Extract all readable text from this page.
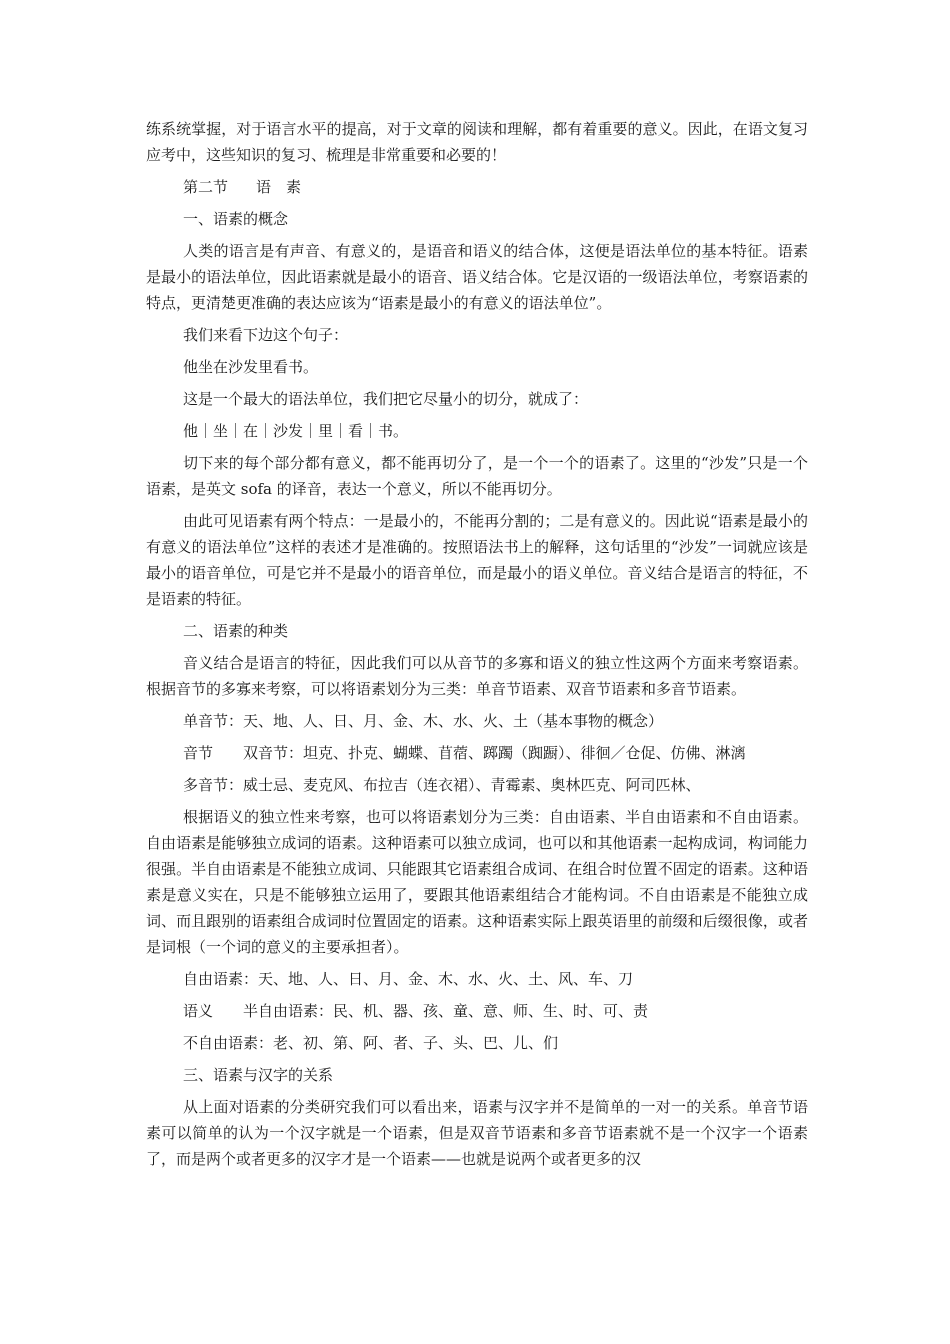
练系统掌握，对于语言水平的提高，对于文章的阅读和理解，都有着重要的意义。因此，在语文复习应考中，这些知识的复习、梳理是非常重要和必要的！

第二节 语　素

一、语素的概念

人类的语言是有声音、有意义的，是语音和语义的结合体，这便是语法单位的基本特征。语素是最小的语法单位，因此语素就是最小的语音、语义结合体。它是汉语的一级语法单位，考察语素的特点，更清楚更准确的表达应该为“语素是最小的有意义的语法单位”。

我们来看下边这个句子：

他坐在沙发里看书。

这是一个最大的语法单位，我们把它尽量小的切分，就成了：

他｜坐｜在｜沙发｜里｜看｜书。

切下来的每个部分都有意义，都不能再切分了，是一个一个的语素了。这里的“沙发”只是一个语素，是英文 sofa 的译音，表达一个意义，所以不能再切分。

由此可见语素有两个特点：一是最小的，不能再分割的；二是有意义的。因此说“语素是最小的有意义的语法单位”这样的表述才是准确的。按照语法书上的解释，这句话里的“沙发”一词就应该是最小的语音单位，可是它并不是最小的语音单位，而是最小的语义单位。音义结合是语言的特征，不是语素的特征。

二、语素的种类

音义结合是语言的特征，因此我们可以从音节的多寡和语义的独立性这两个方面来考察语素。根据音节的多寡来考察，可以将语素划分为三类：单音节语素、双音节语素和多音节语素。

单音节：天、地、人、日、月、金、木、水、火、土（基本事物的概念）

音节 双音节：坦克、扑克、蝴蝶、苜蓿、踯躅（踟蹰）、徘徊／仓促、仿佛、淋漓

多音节：威士忌、麦克风、布拉吉（连衣裙）、青霉素、奥林匹克、阿司匹林、

根据语义的独立性来考察，也可以将语素划分为三类：自由语素、半自由语素和不自由语素。自由语素是能够独立成词的语素。这种语素可以独立成词，也可以和其他语素一起构成词，构词能力很强。半自由语素是不能独立成词、只能跟其它语素组合成词、在组合时位置不固定的语素。这种语素是意义实在，只是不能够独立运用了，要跟其他语素组结合才能构词。不自由语素是不能独立成词、而且跟别的语素组合成词时位置固定的语素。这种语素实际上跟英语里的前缀和后缀很像，或者是词根（一个词的意义的主要承担者）。

自由语素：天、地、人、日、月、金、木、水、火、土、风、车、刀

语义 半自由语素：民、机、器、孩、童、意、师、生、时、可、责

不自由语素：老、初、第、阿、者、子、头、巴、儿、们

三、语素与汉字的关系

从上面对语素的分类研究我们可以看出来，语素与汉字并不是简单的一对一的关系。单音节语素可以简单的认为一个汉字就是一个语素，但是双音节语素和多音节语素就不是一个汉字一个语素了，而是两个或者更多的汉字才是一个语素——也就是说两个或者更多的汉
